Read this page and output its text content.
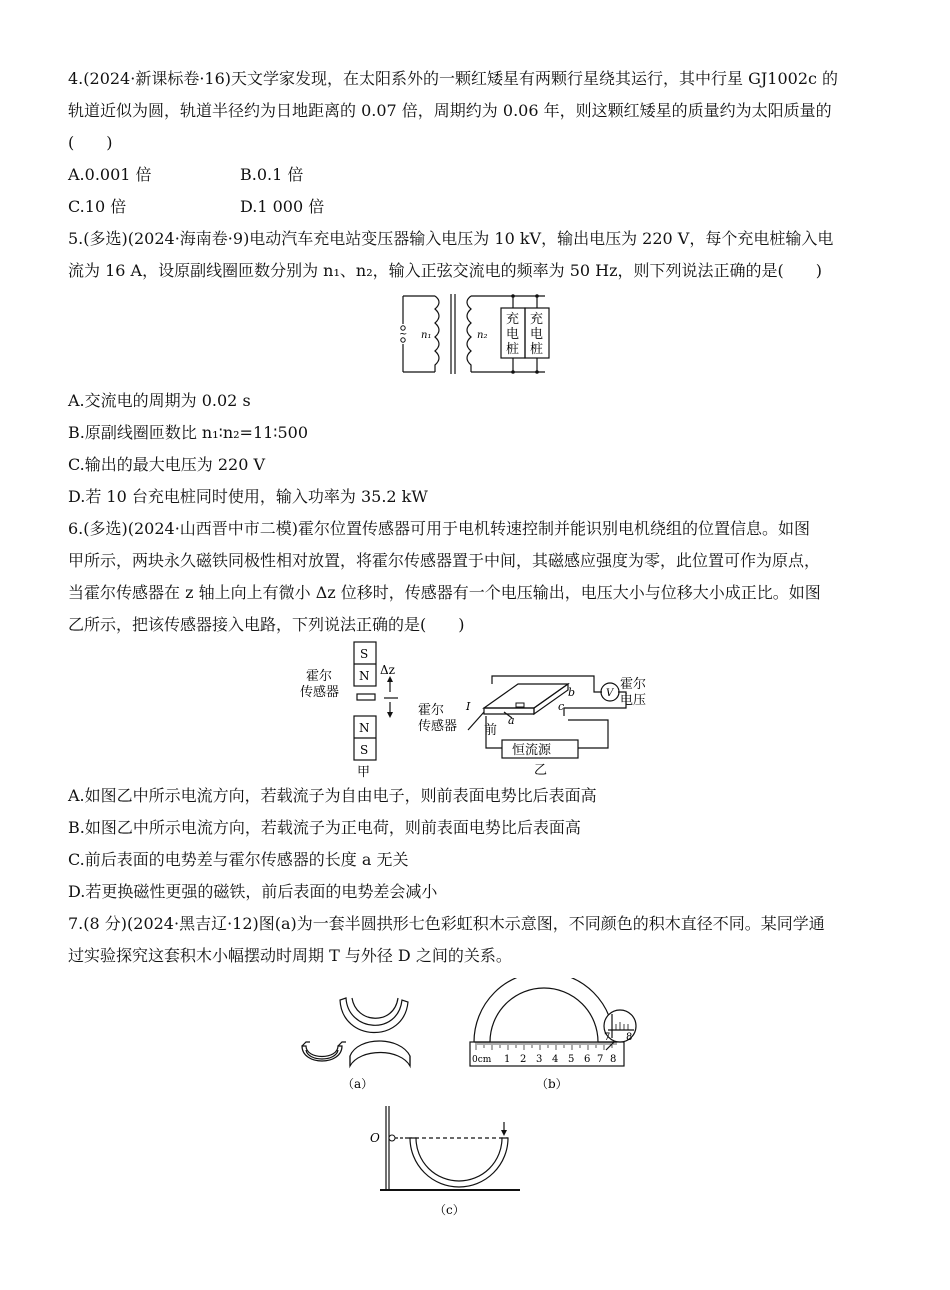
4.(2024·新课标卷·16)天文学家发现，在太阳系外的一颗红矮星有两颗行星绕其运行，其中行星 GJ1002c 的
轨道近似为圆，轨道半径约为日地距离的 0.07 倍，周期约为 0.06 年，则这颗红矮星的质量约为太阳质量的
(　　)
A.0.001 倍	B.0.1 倍
C.10 倍	D.1 000 倍
5.(多选)(2024·海南卷·9)电动汽车充电站变压器输入电压为 10 kV，输出电压为 220 V，每个充电桩输入电
流为 16 A，设原副线圈匝数分别为 n₁、n₂，输入正弦交流电的频率为 50 Hz，则下列说法正确的是(　　)
~ n₁	n₂
充
电
桩
充
电
桩
A.交流电的周期为 0.02 s
B.原副线圈匝数比 n₁∶n₂=11∶500
C.输出的最大电压为 220 V
D.若 10 台充电桩同时使用，输入功率为 35.2 kW
6.(多选)(2024·山西晋中市二模)霍尔位置传感器可用于电机转速控制并能识别电机绕组的位置信息。如图
甲所示，两块永久磁铁同极性相对放置，将霍尔传感器置于中间，其磁感应强度为零，此位置可作为原点，
当霍尔传感器在 z 轴上向上有微小 Δz 位移时，传感器有一个电压输出，电压大小与位移大小成正比。如图
乙所示，把该传感器接入电路，下列说法正确的是(　　)
S
N
N
S
Δz
霍尔
传感器
甲
V
霍尔
电压
霍尔
传感器
I
a
b
c
前
恒流源
乙
A.如图乙中所示电流方向，若载流子为自由电子，则前表面电势比后表面高
B.如图乙中所示电流方向，若载流子为正电荷，则前表面电势比后表面高
C.前后表面的电势差与霍尔传感器的长度 a 无关
D.若更换磁性更强的磁铁，前后表面的电势差会减小
7.(8 分)(2024·黑吉辽·12)图(a)为一套半圆拱形七色彩虹积木示意图，不同颜色的积木直径不同。某同学通
过实验探究这套积木小幅摆动时周期 T 与外径 D 之间的关系。
（a）
0cm 1 2 3 4 5 6 7 8
7 8
（b）
O
（c）
